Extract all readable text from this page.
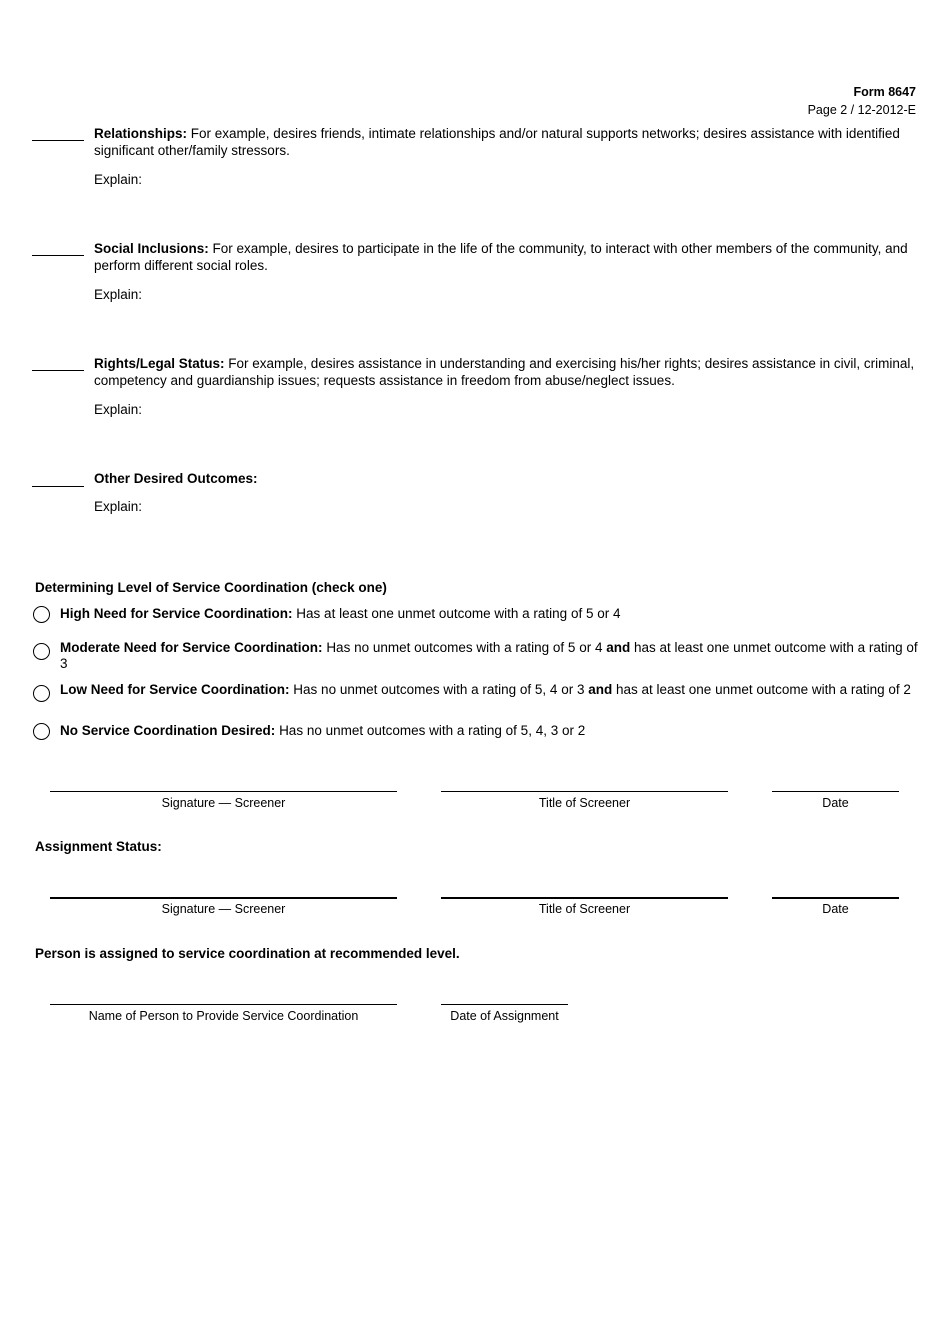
Form 8647
Page 2 / 12-2012-E
Relationships: For example, desires friends, intimate relationships and/or natural supports networks; desires assistance with identified significant other/family stressors.
Explain:
Social Inclusions: For example, desires to participate in the life of the community, to interact with other members of the community, and perform different social roles.
Explain:
Rights/Legal Status: For example, desires assistance in understanding and exercising his/her rights; desires assistance in civil, criminal, competency and guardianship issues; requests assistance in freedom from abuse/neglect issues.
Explain:
Other Desired Outcomes:
Explain:
Determining Level of Service Coordination (check one)
High Need for Service Coordination: Has at least one unmet outcome with a rating of 5 or 4
Moderate Need for Service Coordination: Has no unmet outcomes with a rating of 5 or 4 and has at least one unmet outcome with a rating of 3
Low Need for Service Coordination: Has no unmet outcomes with a rating of 5, 4 or 3 and has at least one unmet outcome with a rating of 2
No Service Coordination Desired: Has no unmet outcomes with a rating of 5, 4, 3 or 2
Signature — Screener	Title of Screener	Date
Assignment Status:
Signature — Screener	Title of Screener	Date
Person is assigned to service coordination at recommended level.
Name of Person to Provide Service Coordination	Date of Assignment
